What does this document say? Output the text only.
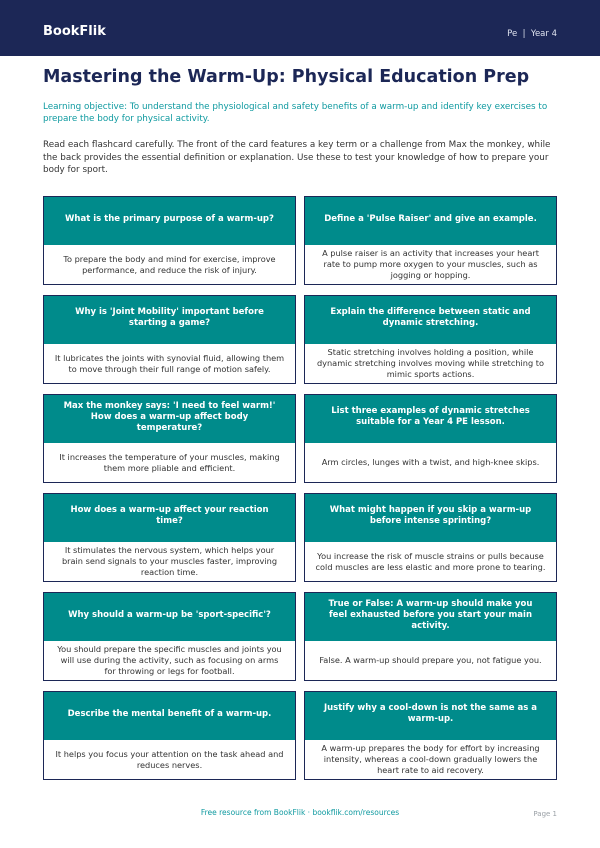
BookFlik	Pe  |  Year 4
Mastering the Warm-Up: Physical Education Prep

Learning objective: To understand the physiological and safety benefits of a warm-up and identify key exercises to prepare the body for physical activity.

Read each flashcard carefully. The front of the card features a key term or a challenge from Max the monkey, while the back provides the essential definition or explanation. Use these to test your knowledge of how to prepare your body for sport.

What is the primary purpose of a warm-up?
To prepare the body and mind for exercise, improve performance, and reduce the risk of injury.
Define a 'Pulse Raiser' and give an example.
A pulse raiser is an activity that increases your heart rate to pump more oxygen to your muscles, such as jogging or hopping.
Why is 'Joint Mobility' important before starting a game?
It lubricates the joints with synovial fluid, allowing them to move through their full range of motion safely.
Explain the difference between static and dynamic stretching.
Static stretching involves holding a position, while dynamic stretching involves moving while stretching to mimic sports actions.
Max the monkey says: 'I need to feel warm!' How does a warm-up affect body temperature?
It increases the temperature of your muscles, making them more pliable and efficient.
List three examples of dynamic stretches suitable for a Year 4 PE lesson.
Arm circles, lunges with a twist, and high-knee skips.
How does a warm-up affect your reaction time?
It stimulates the nervous system, which helps your brain send signals to your muscles faster, improving reaction time.
What might happen if you skip a warm-up before intense sprinting?
You increase the risk of muscle strains or pulls because cold muscles are less elastic and more prone to tearing.
Why should a warm-up be 'sport-specific'?
You should prepare the specific muscles and joints you will use during the activity, such as focusing on arms for throwing or legs for football.
True or False: A warm-up should make you feel exhausted before you start your main activity.
False. A warm-up should prepare you, not fatigue you.
Describe the mental benefit of a warm-up.
It helps you focus your attention on the task ahead and reduces nerves.
Justify why a cool-down is not the same as a warm-up.
A warm-up prepares the body for effort by increasing intensity, whereas a cool-down gradually lowers the heart rate to aid recovery.
Free resource from BookFlik · bookflik.com/resources	Page 1
